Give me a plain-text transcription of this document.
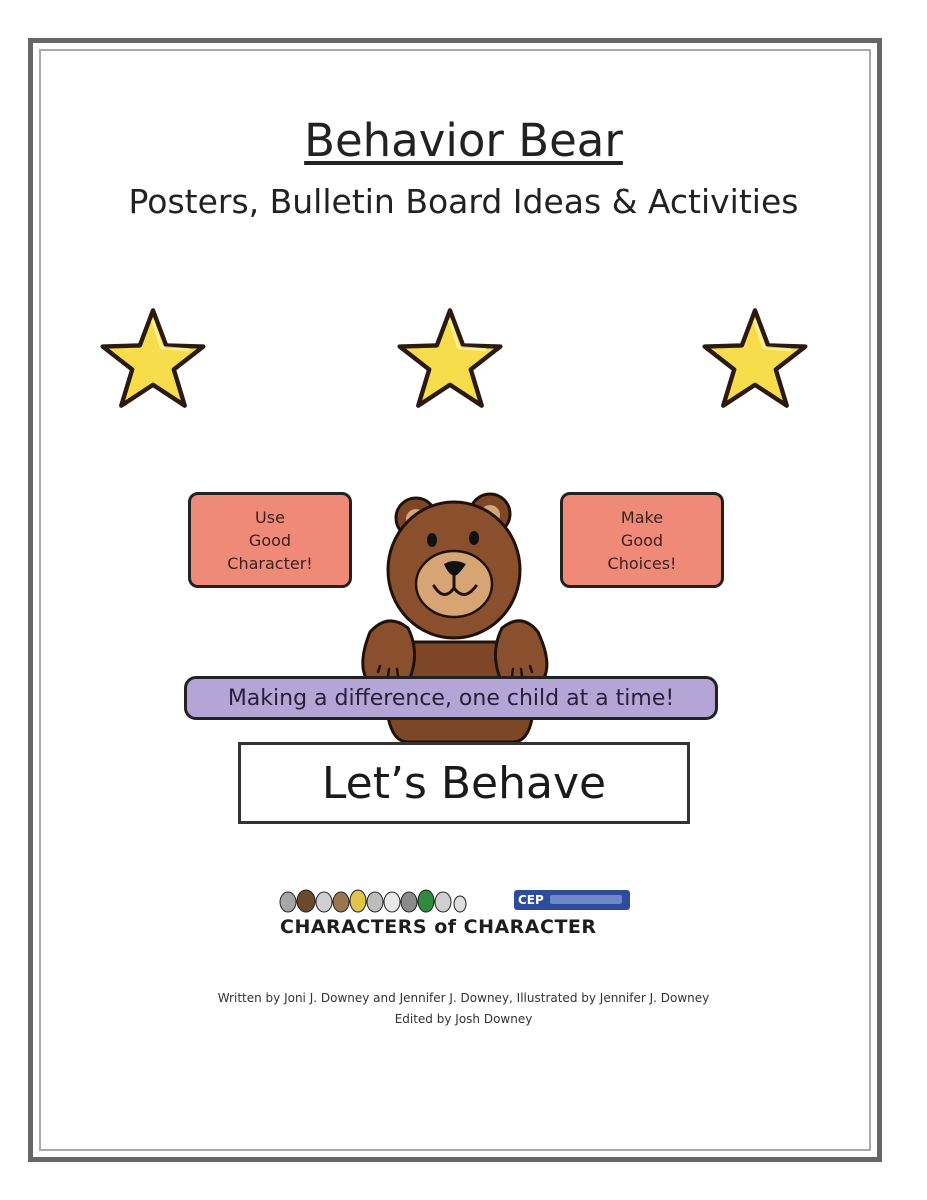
Behavior Bear
Posters, Bulletin Board Ideas & Activities
Use
Good
Character!
Make
Good
Choices!
Making a difference, one child at a time!
Let’s Behave
CHARACTERS of CHARACTER
CEP
Written by Joni J. Downey and Jennifer J. Downey, Illustrated by Jennifer J. Downey
Edited by Josh Downey
